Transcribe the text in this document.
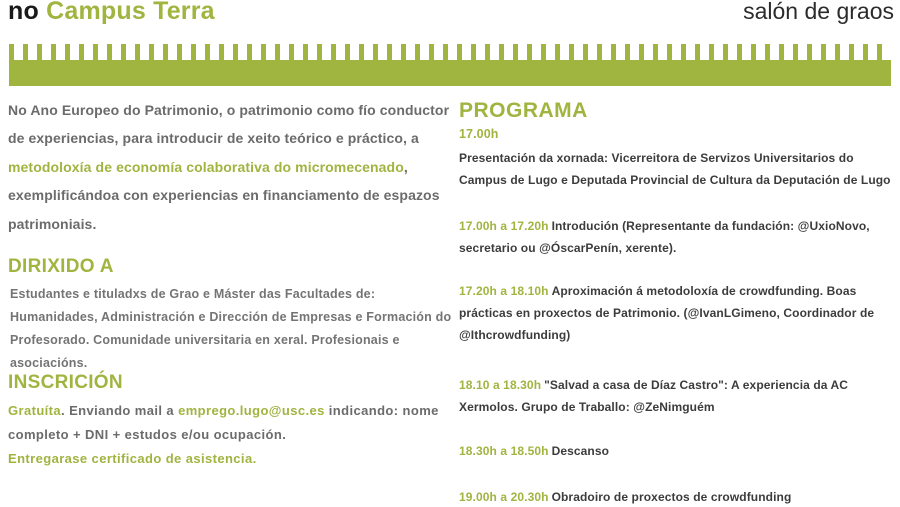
no Campus Terra	salón de graos
No Ano Europeo do Patrimonio, o patrimonio como fío conductor de experiencias, para introducir de xeito teórico e práctico, a metodoloxía de economía colaborativa do micromecenado, exemplificándoa con experiencias en financiamento de espazos patrimoniais.
DIRIXIDO A
Estudantes e tituladxs de Grao e Máster das Facultades de: Humanidades, Administración e Dirección de Empresas e Formación do Profesorado. Comunidade universitaria en xeral. Profesionais e asociacións.
INSCRICIÓN
Gratuíta. Enviando mail a emprego.lugo@usc.es indicando: nome completo + DNI + estudos e/ou ocupación.
Entregarase certificado de asistencia.
PROGRAMA
17.00h
Presentación da xornada: Vicerreitora de Servizos Universitarios do Campus de Lugo e Deputada Provincial de Cultura da Deputación de Lugo
17.00h a 17.20h Introdución (Representante da fundación: @UxioNovo, secretario ou @ÓscarPenín, xerente).
17.20h a 18.10h Aproximación á metodoloxía de crowdfunding. Boas prácticas en proxectos de Patrimonio. (@IvanLGimeno, Coordinador de @Ithcrowdfunding)
18.10 a 18.30h "Salvad a casa de Díaz Castro": A experiencia da AC Xermolos. Grupo de Traballo: @ZeNimguém
18.30h a 18.50h Descanso
19.00h a 20.30h Obradoiro de proxectos de crowdfunding
